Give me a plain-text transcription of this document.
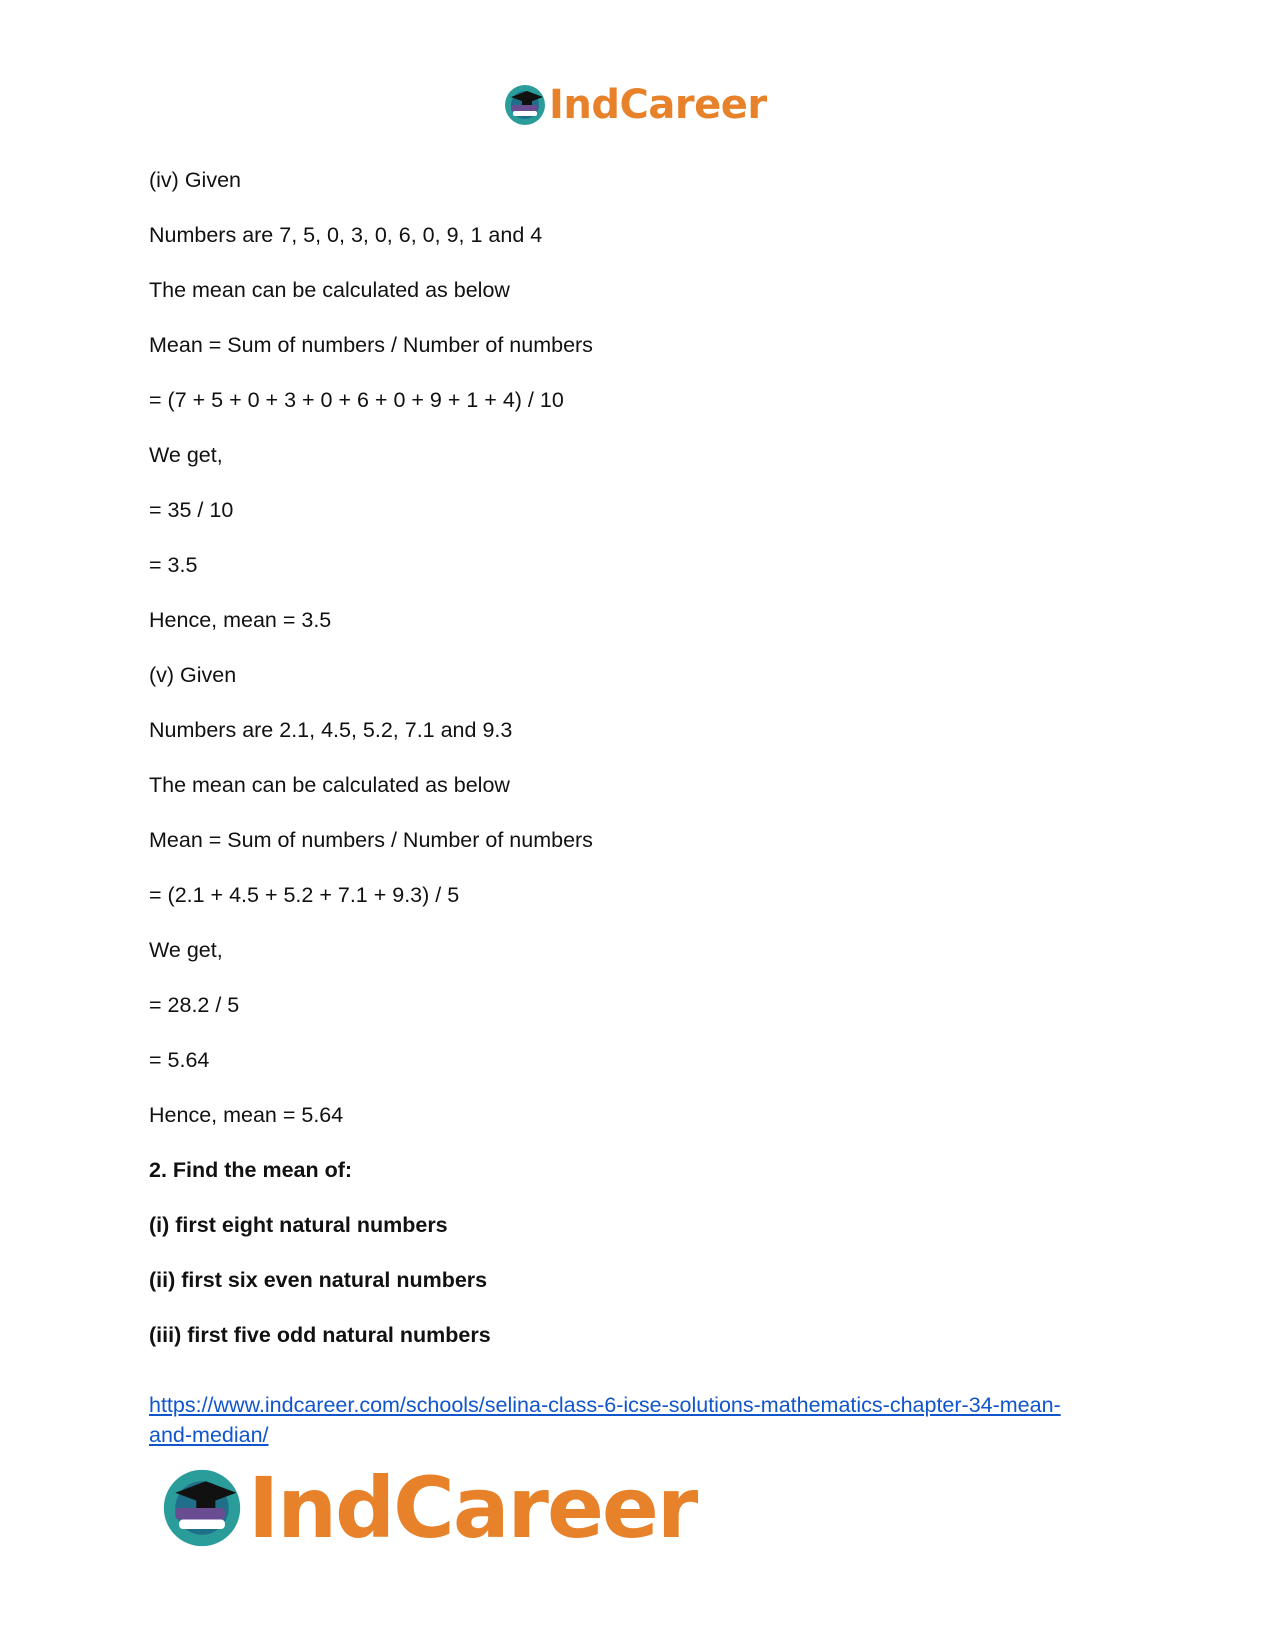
IndCareer

(iv) Given

Numbers are 7, 5, 0, 3, 0, 6, 0, 9, 1 and 4

The mean can be calculated as below

Mean = Sum of numbers / Number of numbers

= (7 + 5 + 0 + 3 + 0 + 6 + 0 + 9 + 1 + 4) / 10

We get,

= 35 / 10

= 3.5

Hence, mean = 3.5

(v) Given

Numbers are 2.1, 4.5, 5.2, 7.1 and 9.3

The mean can be calculated as below

Mean = Sum of numbers / Number of numbers

= (2.1 + 4.5 + 5.2 + 7.1 + 9.3) / 5

We get,

= 28.2 / 5

= 5.64

Hence, mean = 5.64

2. Find the mean of:

(i) first eight natural numbers

(ii) first six even natural numbers

(iii) first five odd natural numbers

https://www.indcareer.com/schools/selina-class-6-icse-solutions-mathematics-chapter-34-mean-
and-median/
IndCareer
